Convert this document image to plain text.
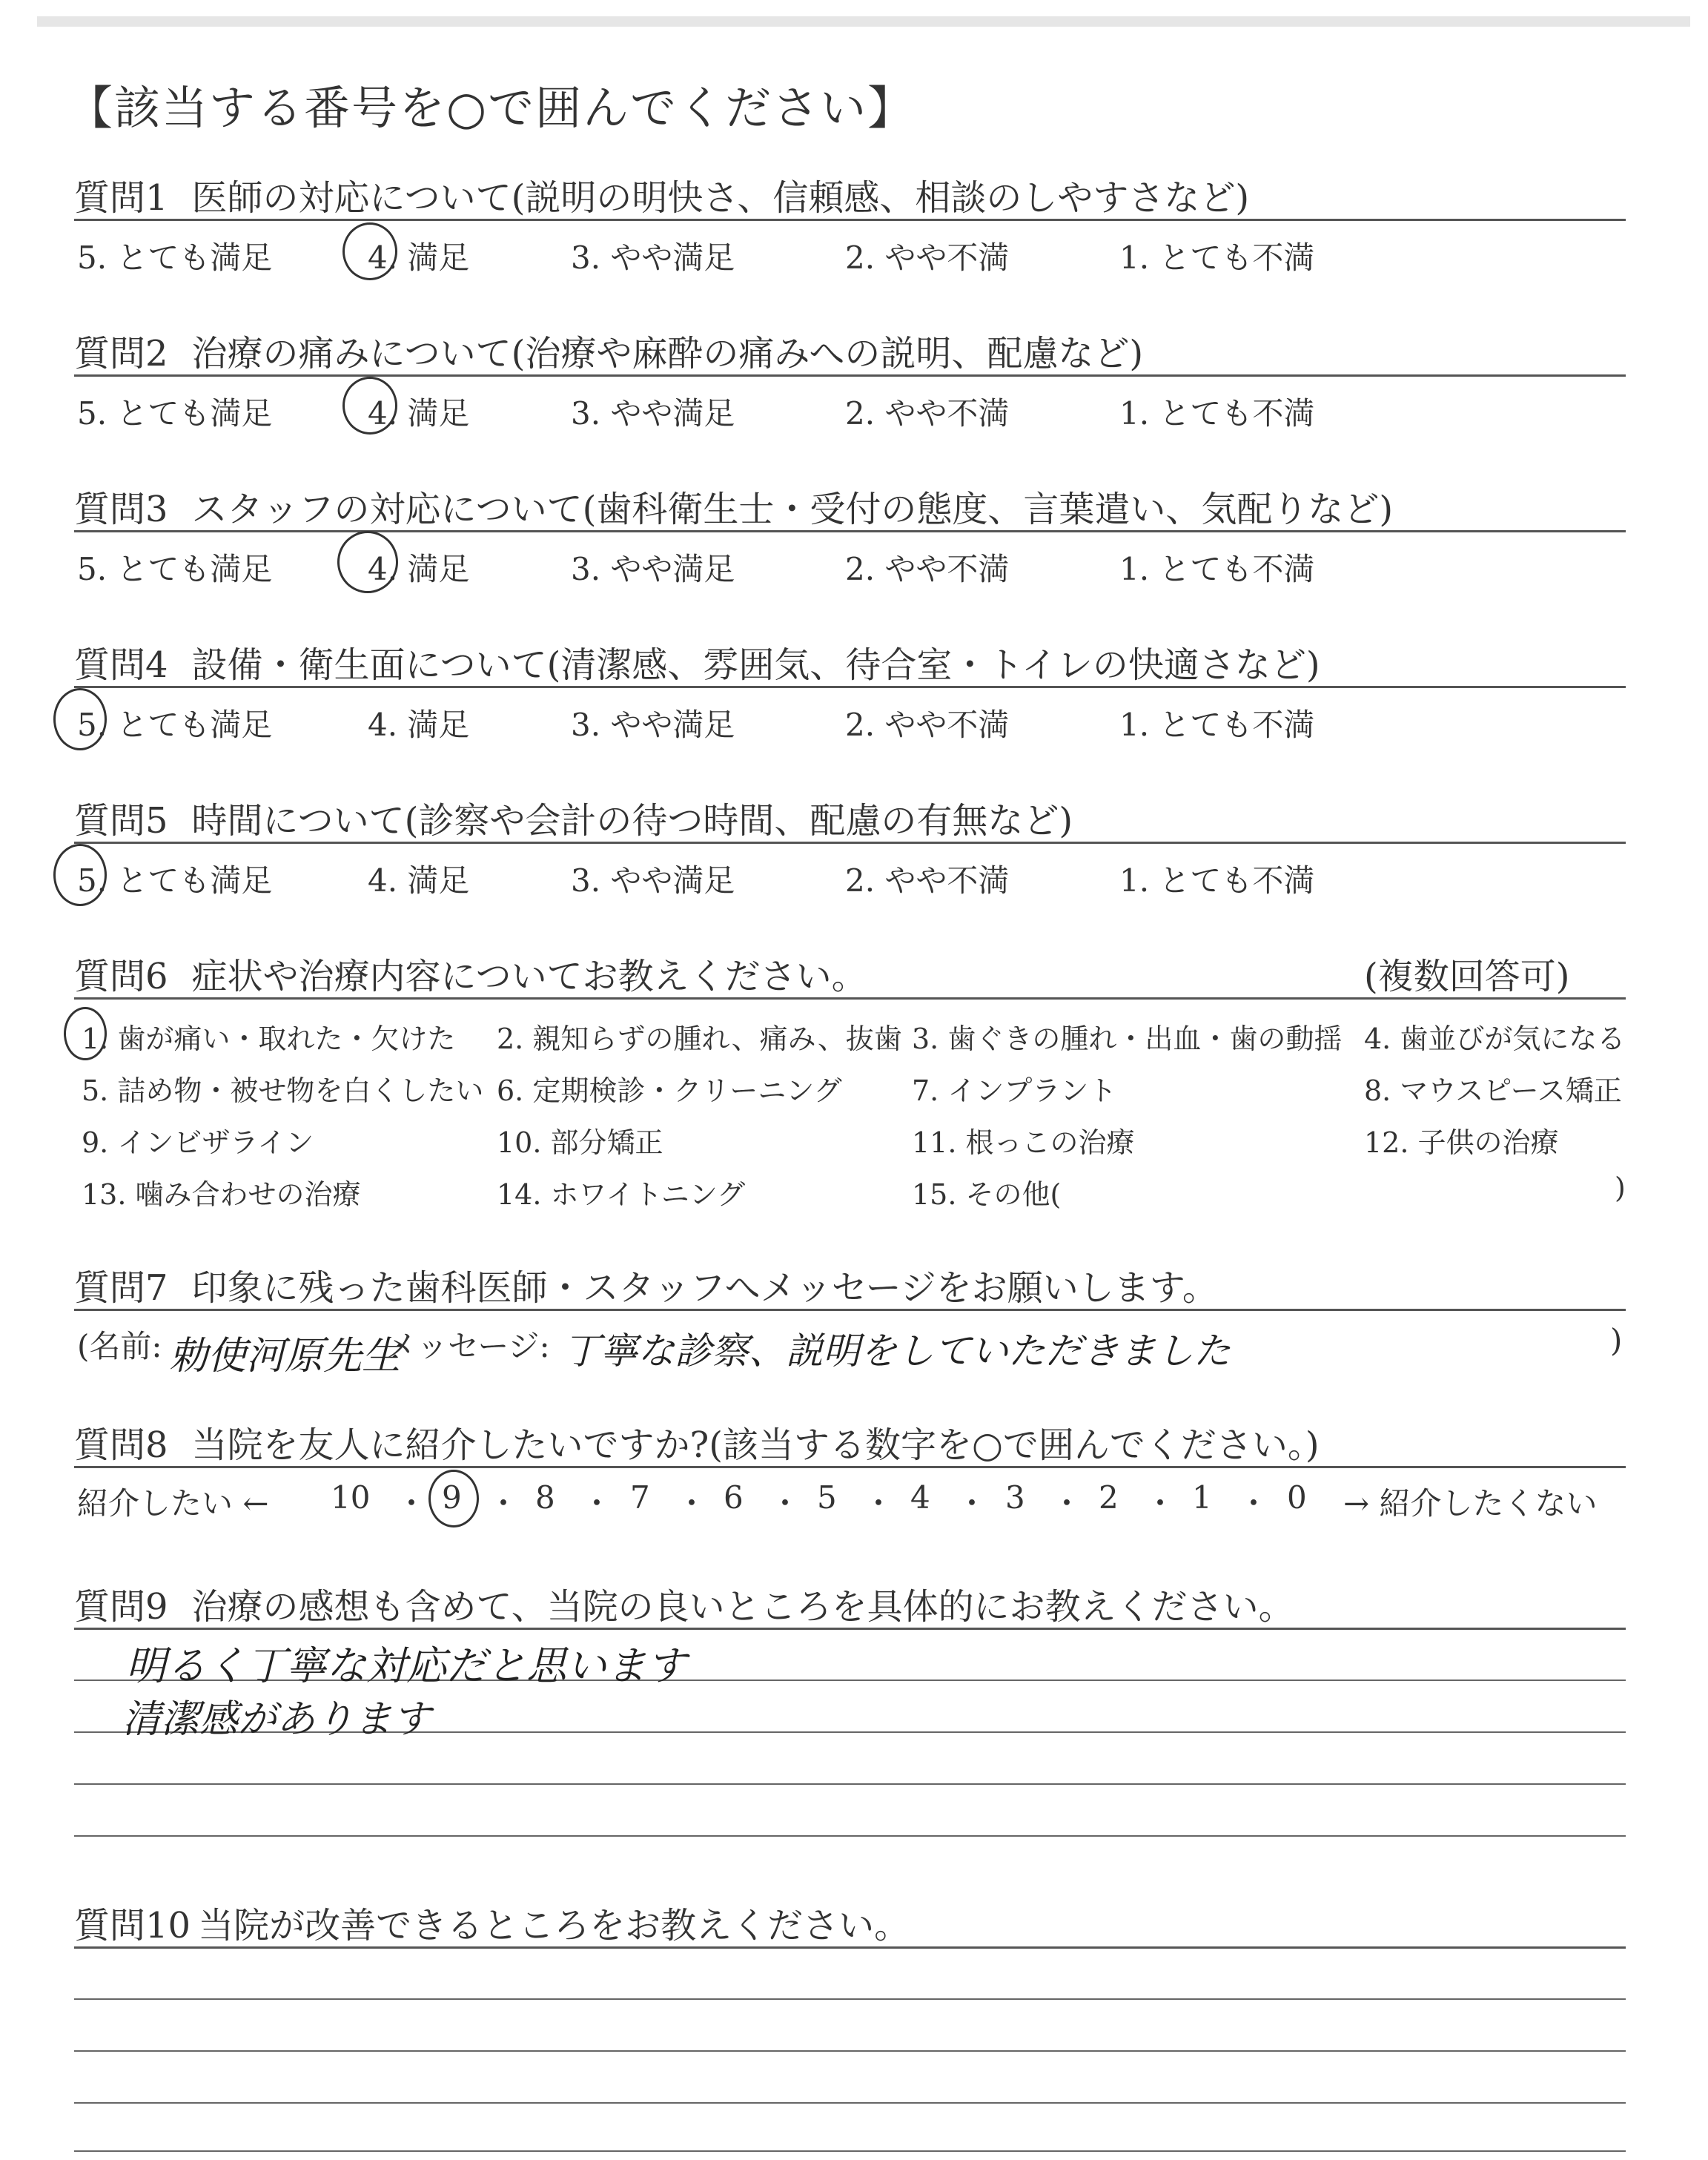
【該当する番号を○で囲んでください】
質問1 医師の対応について(説明の明快さ、信頼感、相談のしやすさなど)
5. とても満足	4. 満足	3. やや満足	2. やや不満	1. とても不満
質問2 治療の痛みについて(治療や麻酔の痛みへの説明、配慮など)
5. とても満足	4. 満足	3. やや満足	2. やや不満	1. とても不満
質問3 スタッフの対応について(歯科衛生士・受付の態度、言葉遣い、気配りなど)
5. とても満足	4. 満足	3. やや満足	2. やや不満	1. とても不満
質問4 設備・衛生面について(清潔感、雰囲気、待合室・トイレの快適さなど)
5. とても満足	4. 満足	3. やや満足	2. やや不満	1. とても不満
質問5 時間について(診察や会計の待つ時間、配慮の有無など)
5. とても満足	4. 満足	3. やや満足	2. やや不満	1. とても不満
質問6 症状や治療内容についてお教えください。	(複数回答可)
1. 歯が痛い・取れた・欠けた 2. 親知らずの腫れ、痛み、抜歯 3. 歯ぐきの腫れ・出血・歯の動揺 4. 歯並びが気になる
5. 詰め物・被せ物を白くしたい 6. 定期検診・クリーニング 7. インプラント	8. マウスピース矯正
9. インビザライン	10. 部分矯正	11. 根っこの治療	12. 子供の治療
13. 噛み合わせの治療	14. ホワイトニング	15. その他(	)
質問7 印象に残った歯科医師・スタッフへメッセージをお願いします。
(名前: 勅使河原先生
メッセージ: 丁寧な診察、説明をしていただきました	)
質問8 当院を友人に紹介したいですか?(該当する数字を○で囲んでください。)
紹介したい ← 10 ・ 9 ・ 8 ・ 7 ・ 6 ・ 5 ・ 4 ・ 3 ・ 2 ・ 1 ・ 0 → 紹介したくない
質問9 治療の感想も含めて、当院の良いところを具体的にお教えください。
明るく丁寧な対応だと思います
清潔感があります
質問10 当院が改善できるところをお教えください。
